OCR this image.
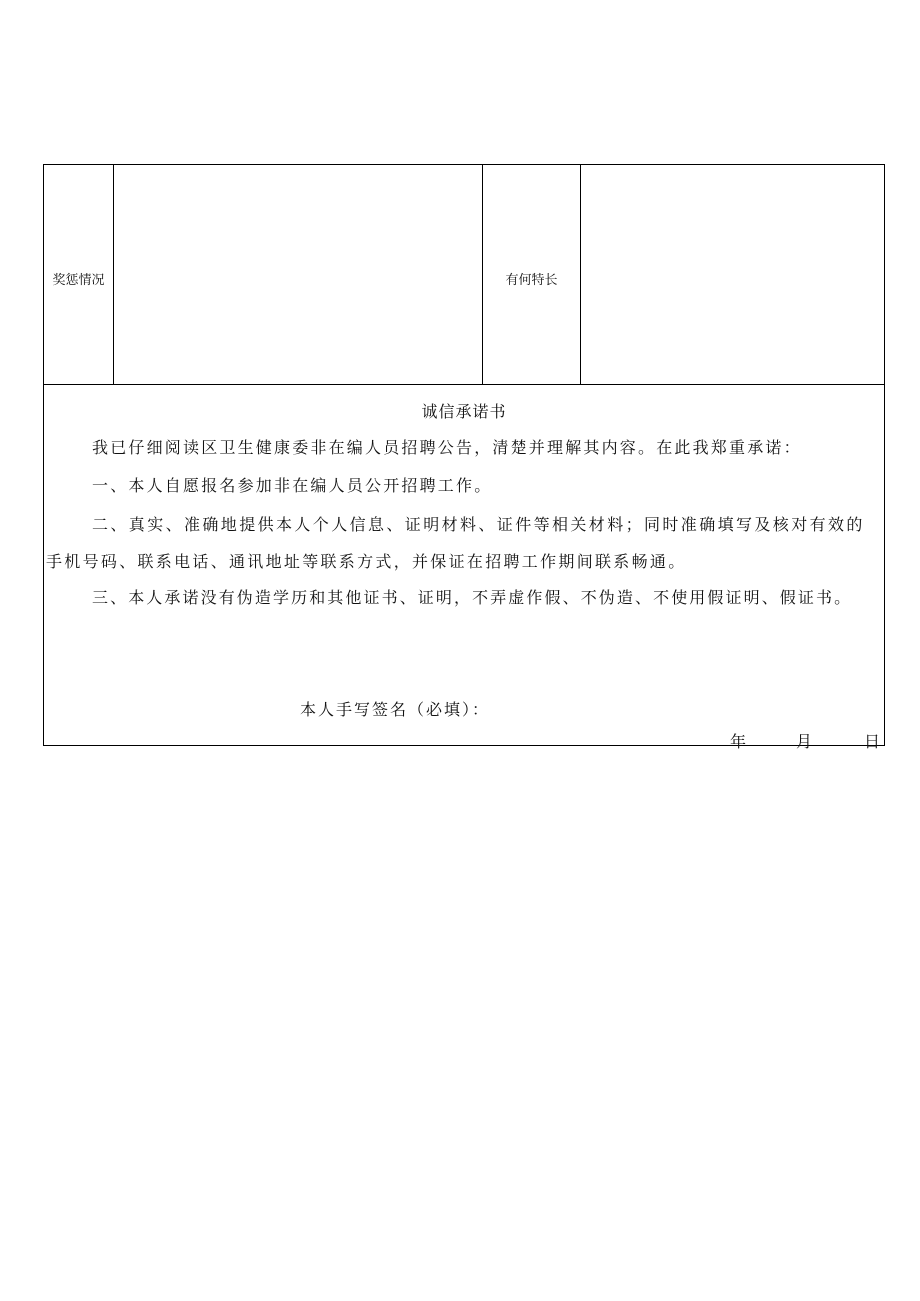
奖惩情况	有何特长
诚信承诺书
我已仔细阅读区卫生健康委非在编人员招聘公告，清楚并理解其内容。在此我郑重承诺：
一、本人自愿报名参加非在编人员公开招聘工作。
二、真实、准确地提供本人个人信息、证明材料、证件等相关材料；同时准确填写及核对有效的
手机号码、联系电话、通讯地址等联系方式，并保证在招聘工作期间联系畅通。
三、本人承诺没有伪造学历和其他证书、证明，不弄虚作假、不伪造、不使用假证明、假证书。
本人手写签名（必填）：
年	月	日
